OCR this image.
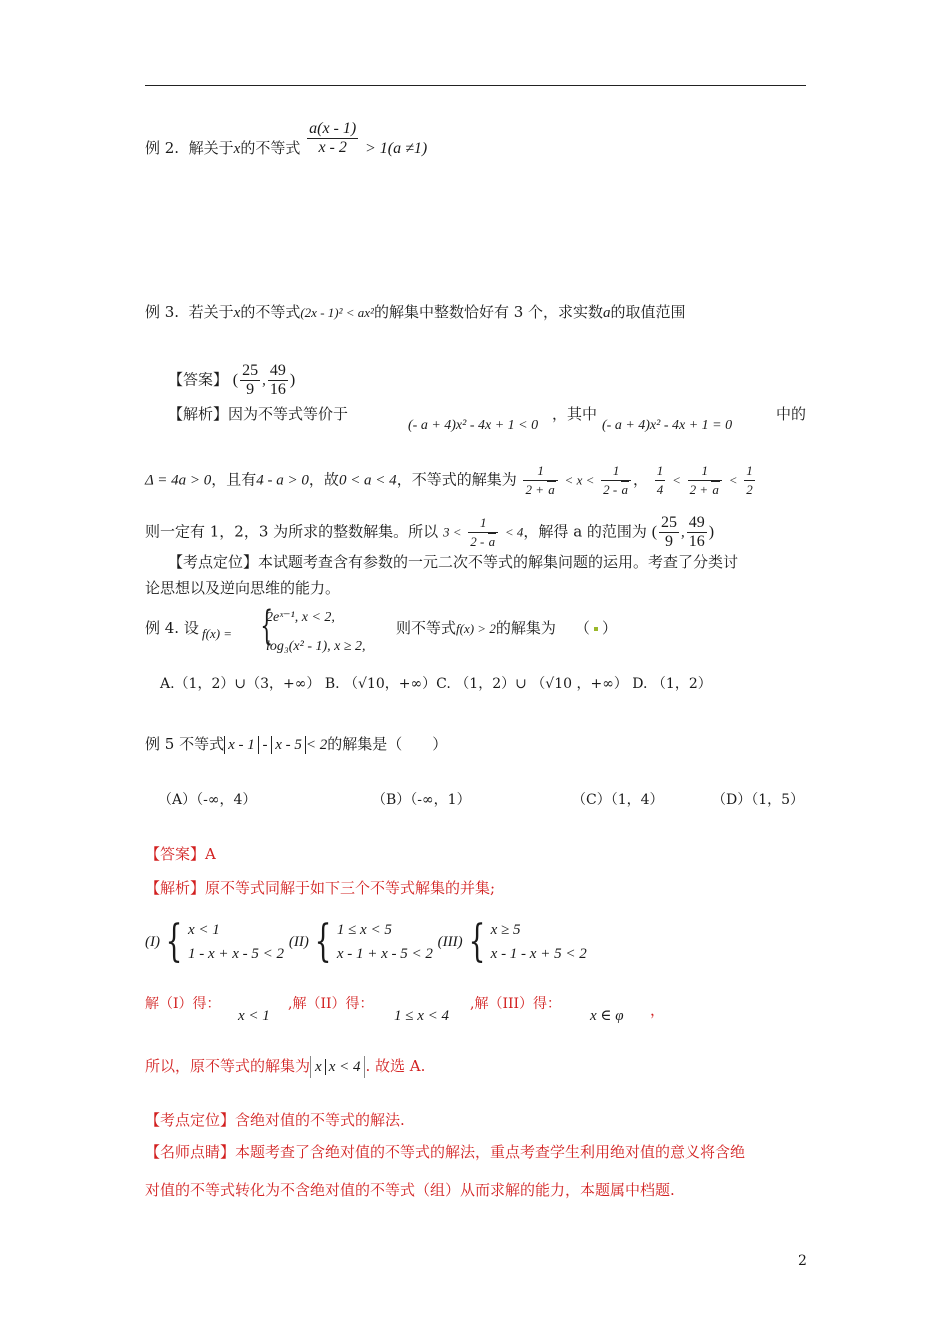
例 2. 解关于x的不等式 $\frac{a(x - 1)}{x - 2} > 1(a \ne 1)$
例 3. 若关于x的不等式(2x - 1)² < ax²的解集中整数恰好有 3 个，求实数a的取值范围
【答案】 ( $\frac{25}{9}$ , $\frac{49}{16}$ )
【解析】因为不等式等价于
(- a + 4)x² - 4x + 1 < 0
，其中
(- a + 4)x² - 4x + 1 = 0
中的
Δ = 4a > 0，且有4 - a > 0，故0 < a < 4，不等式的解集为 $\frac{1}{2 + a} < x < \frac{1}{2 - a}$ ， $\frac{1}{4} < \frac{1}{2 + a} < \frac{1}{2}$
则一定有 1，2，3 为所求的整数解集。所以 $3 < \frac{1}{2 - a} < 4$，解得 a 的范围为 ( $\frac{25}{9}$ , $\frac{49}{16}$ )
【考点定位】本试题考查含有参数的一元二次不等式的解集问题的运用。考查了分类讨
论思想以及逆向思维的能力。
例 4. 设 f(x) = {
2eˣ⁻¹, x < 2,
log₃(x² - 1), x ≥ 2,
则不等式f(x) > 2的解集为 （ ）
A.（1，2）∪（3，+∞） B. （√10，+∞）C. （1，2）∪ （√10 ，+∞） D. （1，2）
例 5 不等式 x - 1 - x - 5 < 2的解集是（　　）
（A）（-∞，4）	（B）（-∞，1）	（C）（1，4）	（D）（1，5）
【答案】A
【解析】原不等式同解于如下三个不等式解集的并集;
(I) { x < 1
1 - x + x - 5 < 2
(II) { 1 ≤ x < 5
x - 1 + x - 5 < 2
(III) { x ≥ 5
x - 1 - x + 5 < 2
解（I）得：
x < 1
,解（II）得：
1 ≤ x < 4
,解（III）得：
x ∈ φ ，
所以，原不等式的解集为 x x < 4 . 故选 A.
【考点定位】含绝对值的不等式的解法.
【名师点睛】本题考查了含绝对值的不等式的解法，重点考查学生利用绝对值的意义将含绝
对值的不等式转化为不含绝对值的不等式（组）从而求解的能力，本题属中档题.
2
